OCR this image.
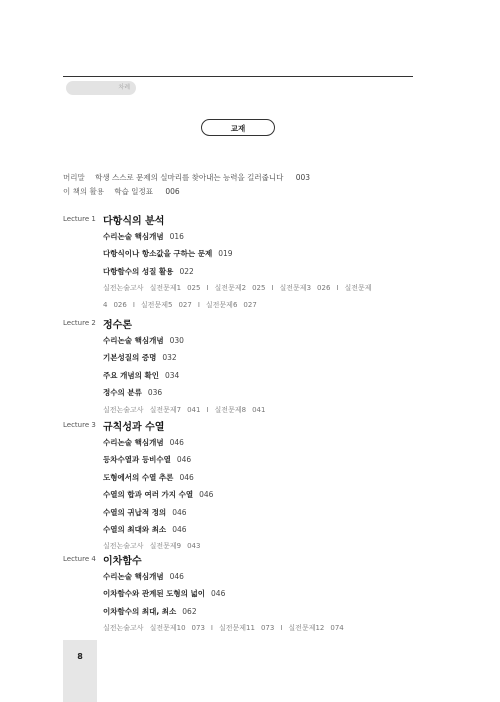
차례
교재
머리말 학생 스스로 문제의 실마리를 찾아내는 능력을 길러줍니다 003
이 책의 활용 학습 일정표 006
Lecture 1 다항식의 분석
수리논술 핵심개념 016
다항식이나 항소값을 구하는 문제 019
다항함수의 성질 활용 022
실전논술고사 실전문제1 025 I 실전문제2 025 I 실전문제3 026 I 실전문제4 026 I 실전문제5 027 I 실전문제6 027
Lecture 2 정수론
수리논술 핵심개념 030
기본성질의 증명 032
주요 개념의 확인 034
정수의 분류 036
실전논술고사 실전문제7 041 I 실전문제8 041
Lecture 3 규칙성과 수열
수리논술 핵심개념 046
등차수열과 등비수열 046
도형에서의 수열 추론 046
수열의 합과 여러 가지 수열 046
수열의 귀납적 정의 046
수열의 최대와 최소 046
실전논술고사 실전문제9 043
Lecture 4 이차함수
수리논술 핵심개념 046
이차함수와 관계된 도형의 넓이 046
이차함수의 최대, 최소 062
실전논술고사 실전문제10 073 I 실전문제11 073 I 실전문제12 074
8
